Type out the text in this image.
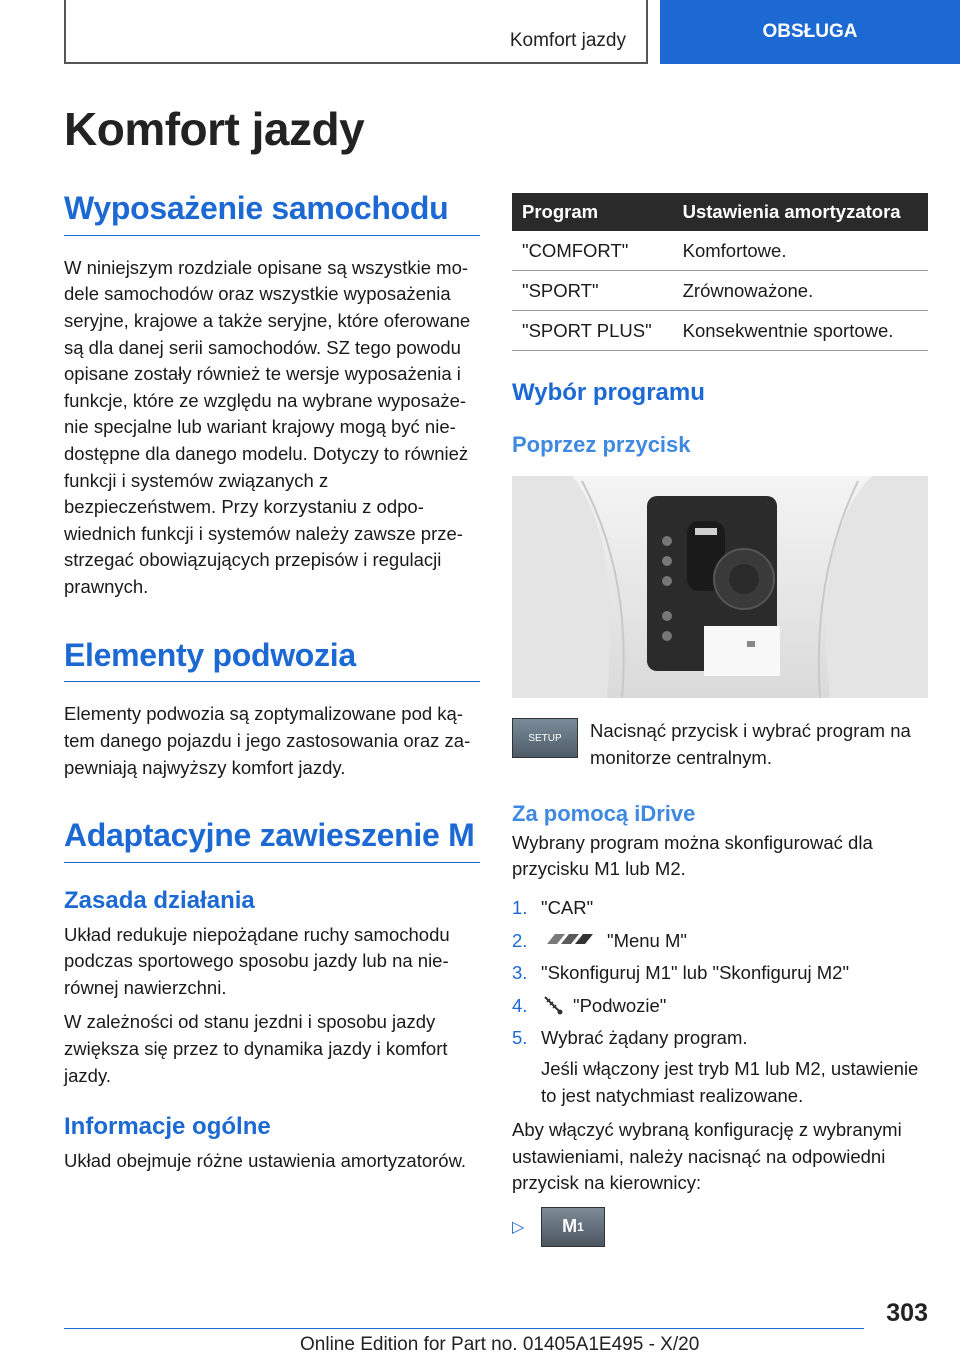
Komfort jazdy	OBSŁUGA
Komfort jazdy
Wyposażenie samochodu

W niniejszym rozdziale opisane są wszystkie modele samochodów oraz wszystkie wyposażenia seryjne, krajowe a także seryjne, które oferowane są dla danej serii samochodów. SZ tego powodu opisane zostały również te wersje wyposażenia i funkcje, które ze względu na wybrane wyposażenie specjalne lub wariant krajowy mogą być niedostępne dla danego modelu. Dotyczy to również funkcji i systemów związanych z bezpieczeństwem. Przy korzystaniu z odpowiednich funkcji i systemów należy zawsze przestrzegać obowiązujących przepisów i regulacji prawnych.

Elementy podwozia

Elementy podwozia są zoptymalizowane pod kątem danego pojazdu i jego zastosowania oraz zapewniają najwyższy komfort jazdy.

Adaptacyjne zawieszenie M
Zasada działania

Układ redukuje niepożądane ruchy samochodu podczas sportowego sposobu jazdy lub na nierównej nawierzchni.

W zależności od stanu jezdni i sposobu jazdy zwiększa się przez to dynamika jazdy i komfort jazdy.

Informacje ogólne

Układ obejmuje różne ustawienia amortyzatorów.

Program	Ustawienia amortyzatora
"COMFORT"	Komfortowe.
"SPORT"	Zrównoważone.
"SPORT PLUS"	Konsekwentnie sportowe.
Wybór programu
Poprzez przycisk
SETUP	Nacisnąć przycisk i wybrać program na monitorze centralnym.

Za pomocą iDrive

Wybrany program można skonfigurować dla przycisku M1 lub M2.

1. "CAR"
2.	"Menu M"
3. "Skonfiguruj M1" lub "Skonfiguruj M2"
4.	"Podwozie"
5. Wybrać żądany program.

Jeśli włączony jest tryb M1 lub M2, ustawienie to jest natychmiast realizowane.

Aby włączyć wybraną konfigurację z wybranymi ustawieniami, należy nacisnąć na odpowiedni przycisk na kierownicy:

▷	M 1
303
Online Edition for Part no. 01405A1E495 - X/20
